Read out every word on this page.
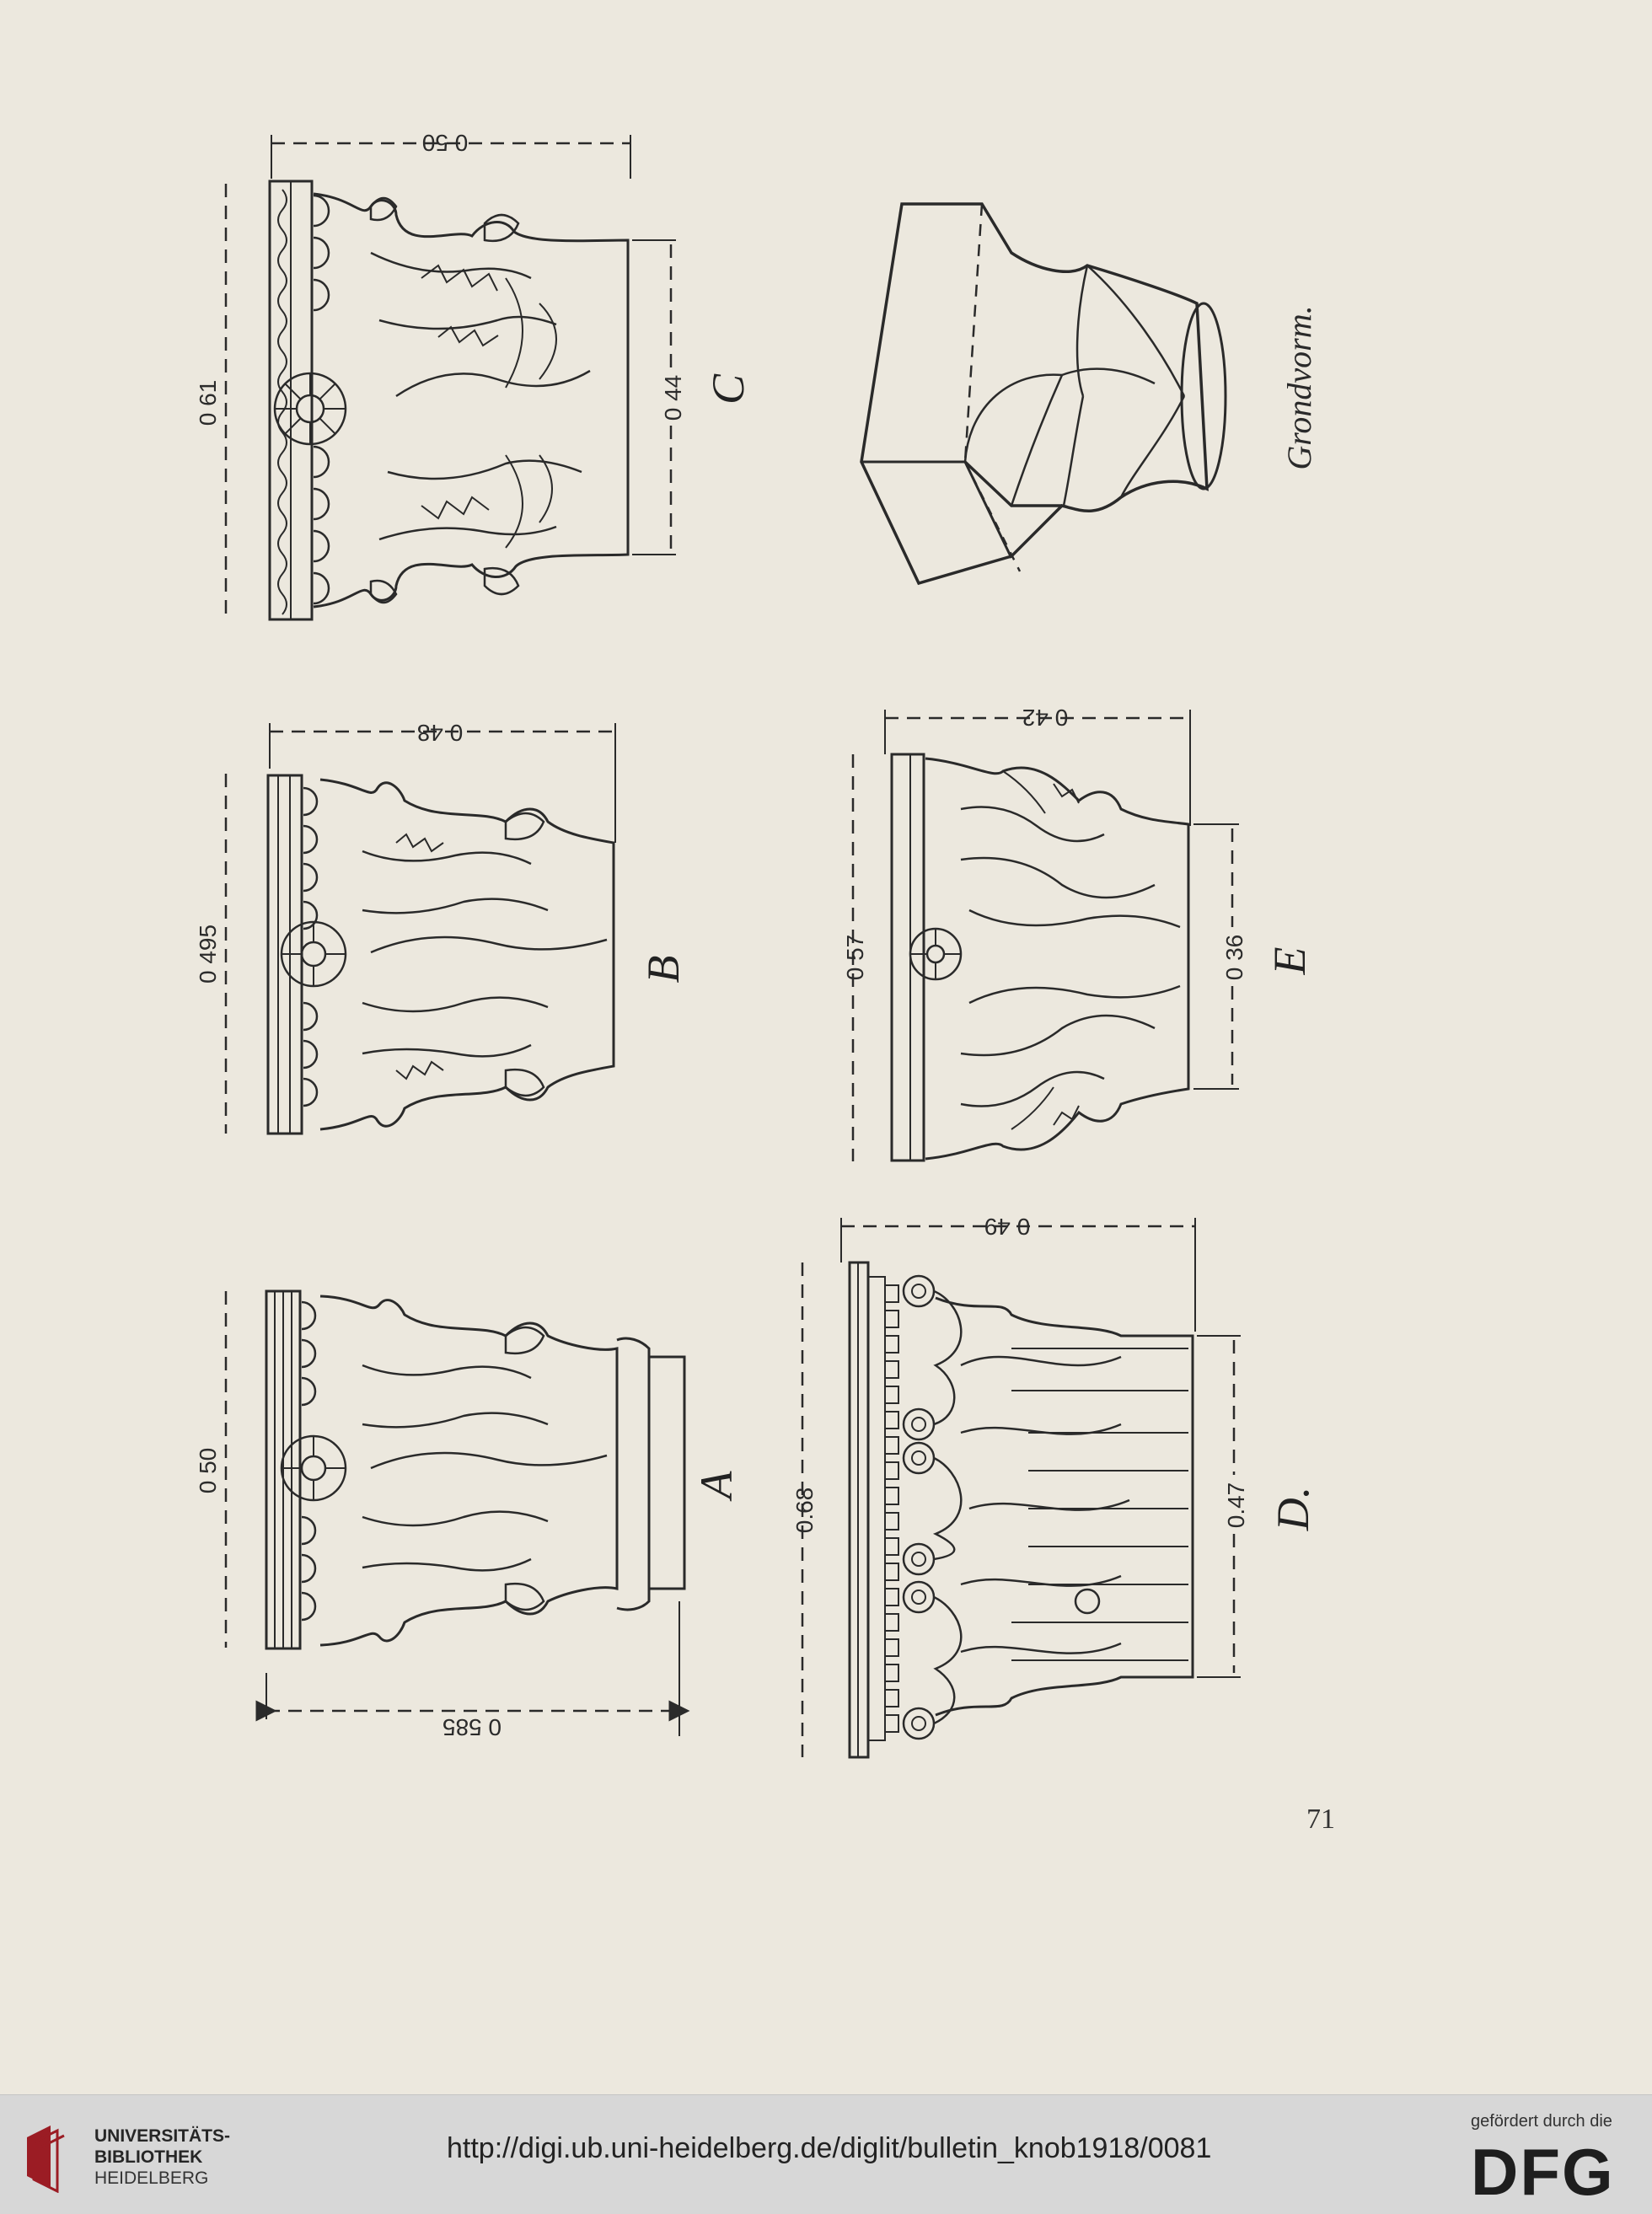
0 50
0 61	0 44 C	Grondvorm.
0 48
0 495	B
0 42
0 57	0 36 E
0 585
0 50	A
0 49
0.68	0.47 D.
71
UNIVERSITÄTS-
BIBLIOTHEK
HEIDELBERG
http://digi.ub.uni-heidelberg.de/diglit/bulletin_knob1918/0081
gefördert durch die
DFG
